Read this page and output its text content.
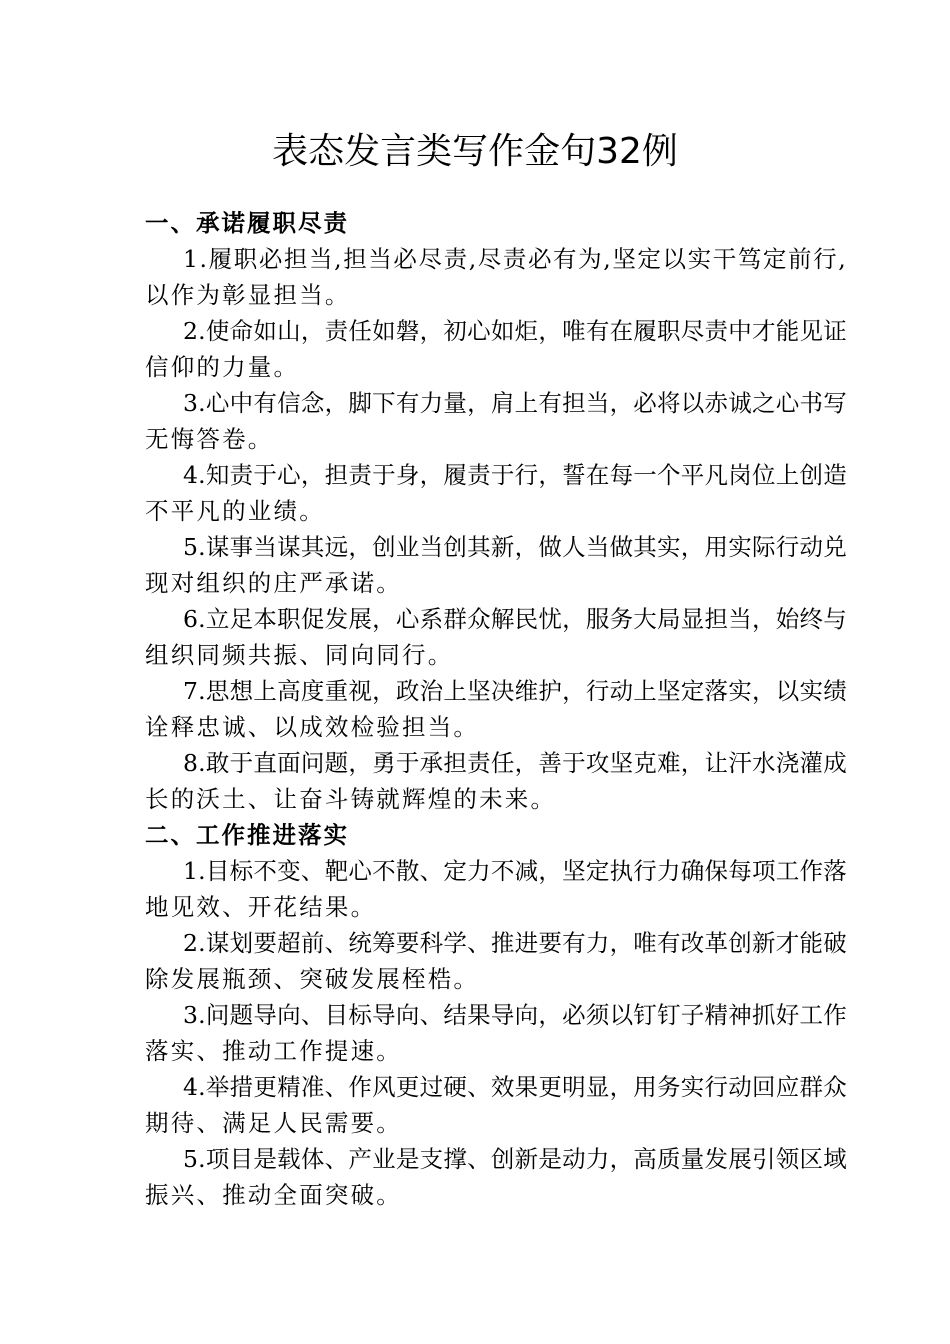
表态发言类写作金句32例
一、承诺履职尽责
1.履职必担当,担当必尽责,尽责必有为,坚定以实干笃定前行,
以作为彰显担当。
2.使命如山，责任如磐，初心如炬，唯有在履职尽责中才能见证
信仰的力量。
3.心中有信念，脚下有力量，肩上有担当，必将以赤诚之心书写
无悔答卷。
4.知责于心，担责于身，履责于行，誓在每一个平凡岗位上创造
不平凡的业绩。
5.谋事当谋其远，创业当创其新，做人当做其实，用实际行动兑
现对组织的庄严承诺。
6.立足本职促发展，心系群众解民忧，服务大局显担当，始终与
组织同频共振、同向同行。
7.思想上高度重视，政治上坚决维护，行动上坚定落实，以实绩
诠释忠诚、以成效检验担当。
8.敢于直面问题，勇于承担责任，善于攻坚克难，让汗水浇灌成
长的沃土、让奋斗铸就辉煌的未来。
二、工作推进落实
1.目标不变、靶心不散、定力不减，坚定执行力确保每项工作落
地见效、开花结果。
2.谋划要超前、统筹要科学、推进要有力，唯有改革创新才能破
除发展瓶颈、突破发展桎梏。
3.问题导向、目标导向、结果导向，必须以钉钉子精神抓好工作
落实、推动工作提速。
4.举措更精准、作风更过硬、效果更明显，用务实行动回应群众
期待、满足人民需要。
5.项目是载体、产业是支撑、创新是动力，高质量发展引领区域
振兴、推动全面突破。
